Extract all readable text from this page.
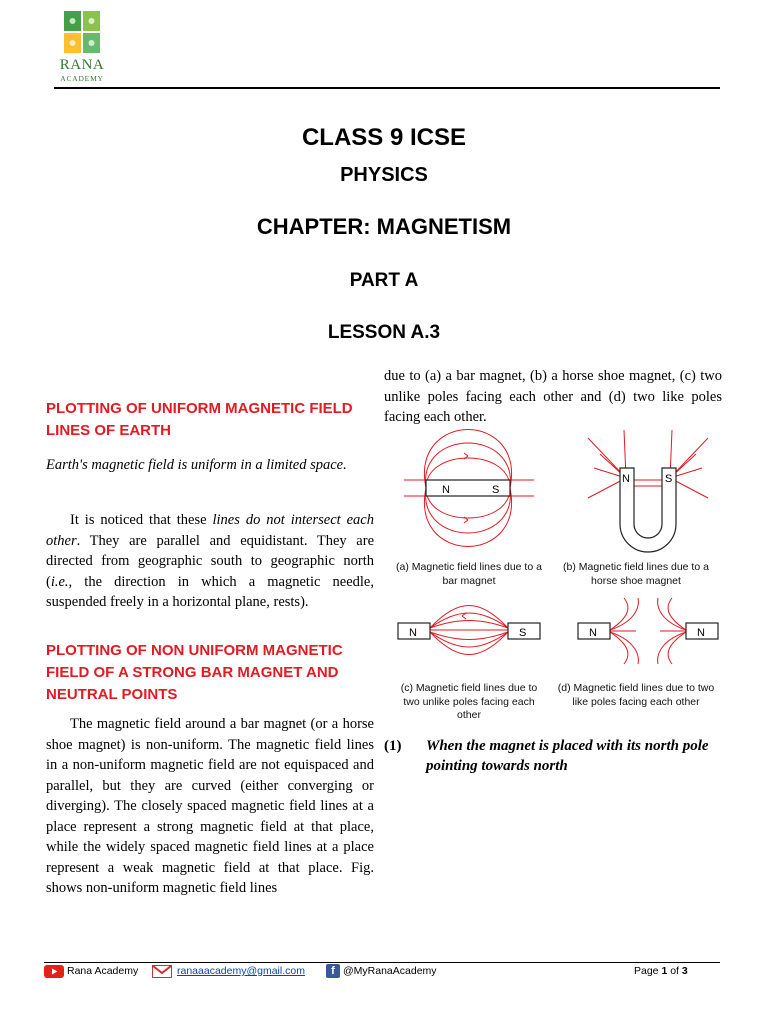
RANA
ACADEMY
CLASS 9 ICSE
PHYSICS
CHAPTER: MAGNETISM
PART A
LESSON A.3
PLOTTING OF UNIFORM MAGNETIC FIELD LINES OF EARTH
Earth's magnetic field is uniform in a limited space.
It is noticed that these lines do not intersect each other. They are parallel and equidistant. They are directed from geographic south to geographic north (i.e., the direction in which a magnetic needle, suspended freely in a horizontal plane, rests).
PLOTTING OF NON UNIFORM MAGNETIC FIELD OF A STRONG BAR MAGNET AND NEUTRAL POINTS
The magnetic field around a bar magnet (or a horse shoe magnet) is non-uniform. The magnetic field lines in a non-uniform magnetic field are not equispaced and parallel, but they are curved (either converging or diverging). The closely spaced magnetic field lines at a place represent a strong magnetic field at that place, while the widely spaced magnetic field lines at a place represent a weak magnetic field at that place. Fig. shows non-uniform magnetic field lines
due to (a) a bar magnet, (b) a horse shoe magnet, (c) two unlike poles facing each other and (d) two like poles facing each other.
N	S
N	S
N	S	N	N
(a) Magnetic field lines due to a bar magnet
(b) Magnetic field lines due to a horse shoe magnet
(c) Magnetic field lines due to two unlike poles facing each other
(d) Magnetic field lines due to two like poles facing each other
(1)	When the magnet is placed with its north pole pointing towards north
Rana Academy	ranaaacademy@gmail.com	f @MyRanaAcademy	Page 1 of 3
